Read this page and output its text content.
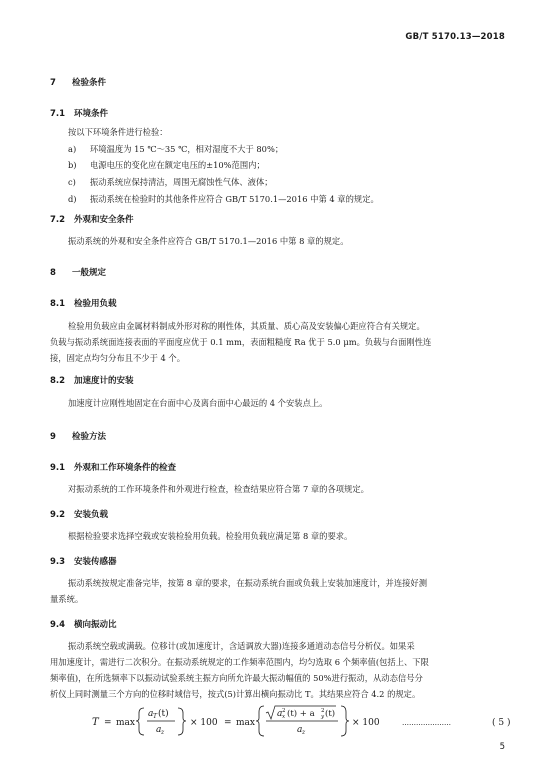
GB/T 5170.13—2018
7 检验条件
7.1 环境条件
按以下环境条件进行检验：
a) 环境温度为 15 ℃～35 ℃，相对湿度不大于 80%；
b) 电源电压的变化应在额定电压的±10%范围内；
c) 振动系统应保持清洁，周围无腐蚀性气体、液体；
d) 振动系统在检验时的其他条件应符合 GB/T 5170.1—2016 中第 4 章的规定。
7.2 外观和安全条件
振动系统的外观和安全条件应符合 GB/T 5170.1—2016 中第 8 章的规定。
8 一般规定
8.1 检验用负载
检验用负载应由金属材料制成外形对称的刚性体，其质量、质心高及安装偏心距应符合有关规定。
负载与振动系统面连接表面的平面度应优于 0.1 mm，表面粗糙度 Ra 优于 5.0 μm。负载与台面刚性连
接，固定点均匀分布且不少于 4 个。
8.2 加速度计的安装
加速度计应刚性地固定在台面中心及离台面中心最远的 4 个安装点上。
9 检验方法
9.1 外观和工作环境条件的检查
对振动系统的工作环境条件和外观进行检查，检查结果应符合第 7 章的各项规定。
9.2 安装负载
根据检验要求选择空载或安装检验用负载。检验用负载应满足第 8 章的要求。
9.3 安装传感器
振动系统按规定准备完毕，按第 8 章的要求，在振动系统台面或负载上安装加速度计，并连接好测
量系统。
9.4 横向振动比
振动系统空载或满载。位移计(或加速度计，含适调放大器)连接多通道动态信号分析仪。如果采
用加速度计，需进行二次积分。在振动系统规定的工作频率范围内，均匀选取 6 个频率值(包括上、下限
频率值)，在所选频率下以振动试验系统主振方向所允许最大振动幅值的 50%进行振动，从动态信号分
析仪上同时测量三个方向的位移时域信号，按式(5)计算出横向振动比 T。其结果应符合 4.2 的规定。
T = max
a T (t)
a z
× 100 = max
a 2
x (t) + a 2
y (t)
a z
× 100	…………………	( 5 )
5
